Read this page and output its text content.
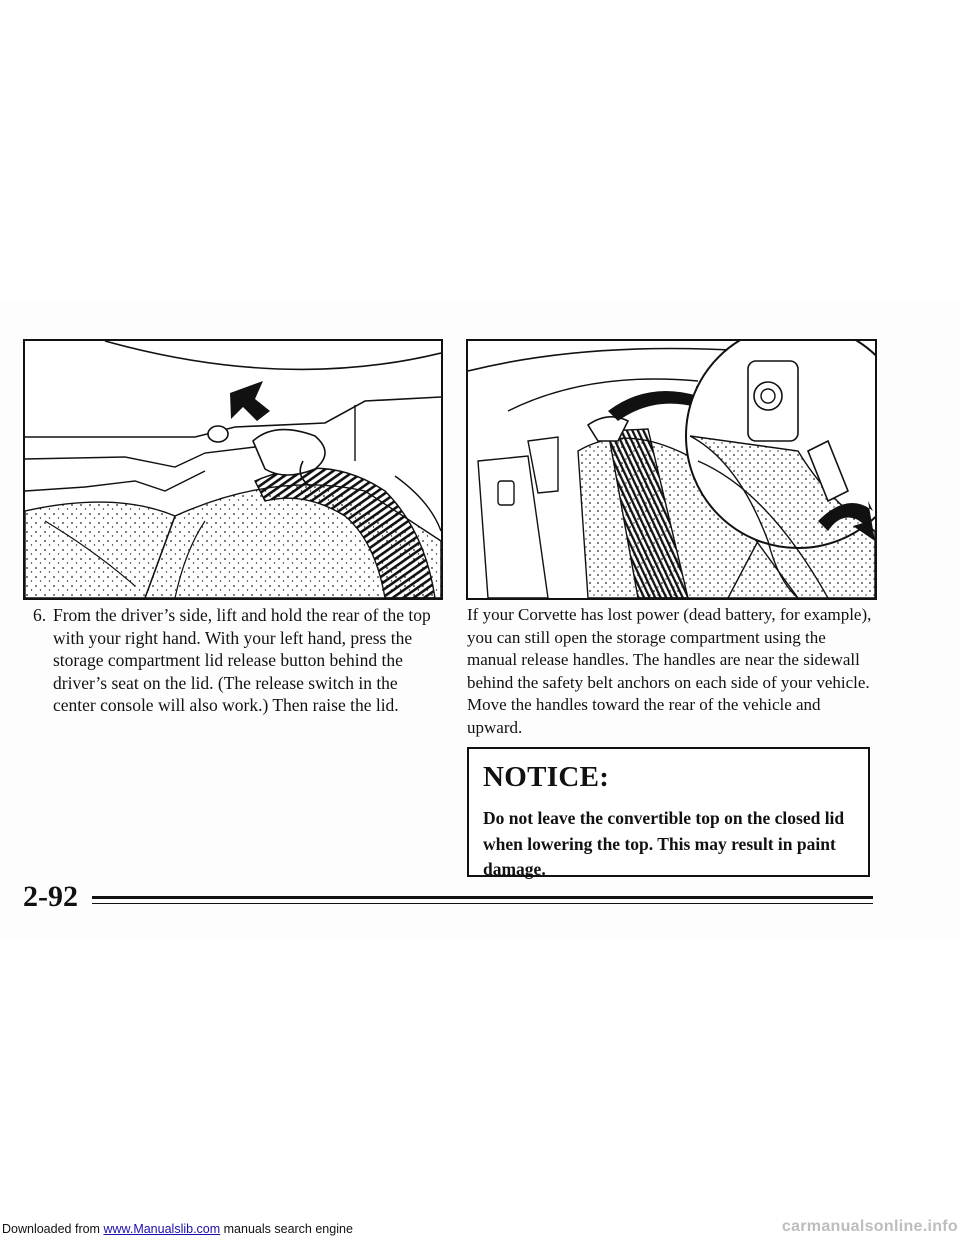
6. From the driver’s side, lift and hold the rear of the top with your right hand. With your left hand, press the storage compartment lid release button behind the driver’s seat on the lid. (The release switch in the center console will also work.) Then raise the lid.
If your Corvette has lost power (dead battery, for example), you can still open the storage compartment using the manual release handles. The handles are near the sidewall behind the safety belt anchors on each side of your vehicle. Move the handles toward the rear of the vehicle and upward.
NOTICE:
Do not leave the convertible top on the closed lid when lowering the top. This may result in paint damage.
2-92
Downloaded from www.Manualslib.com manuals search engine	carmanualsonline.info
